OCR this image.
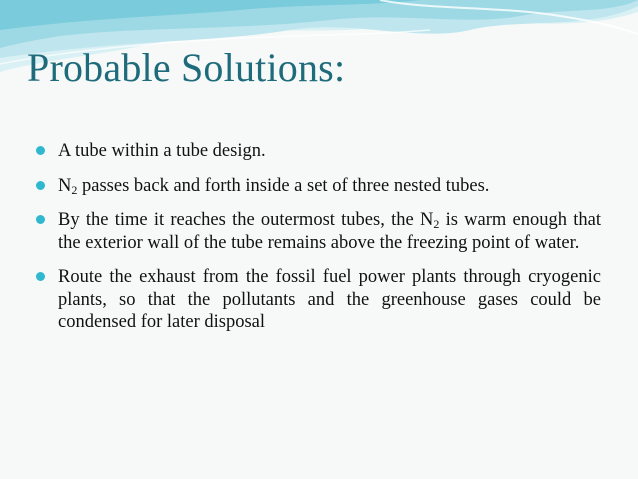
Probable Solutions:
A tube within a tube design.
$N_2$ passes back and forth inside a set of three nested tubes.
By the time it reaches the outermost tubes, the $N_2$ is warm enough that the exterior wall of the tube remains above the freezing point of water.
Route the exhaust from the fossil fuel power plants through cryogenic plants, so that the pollutants and the greenhouse gases could be condensed for later disposal
